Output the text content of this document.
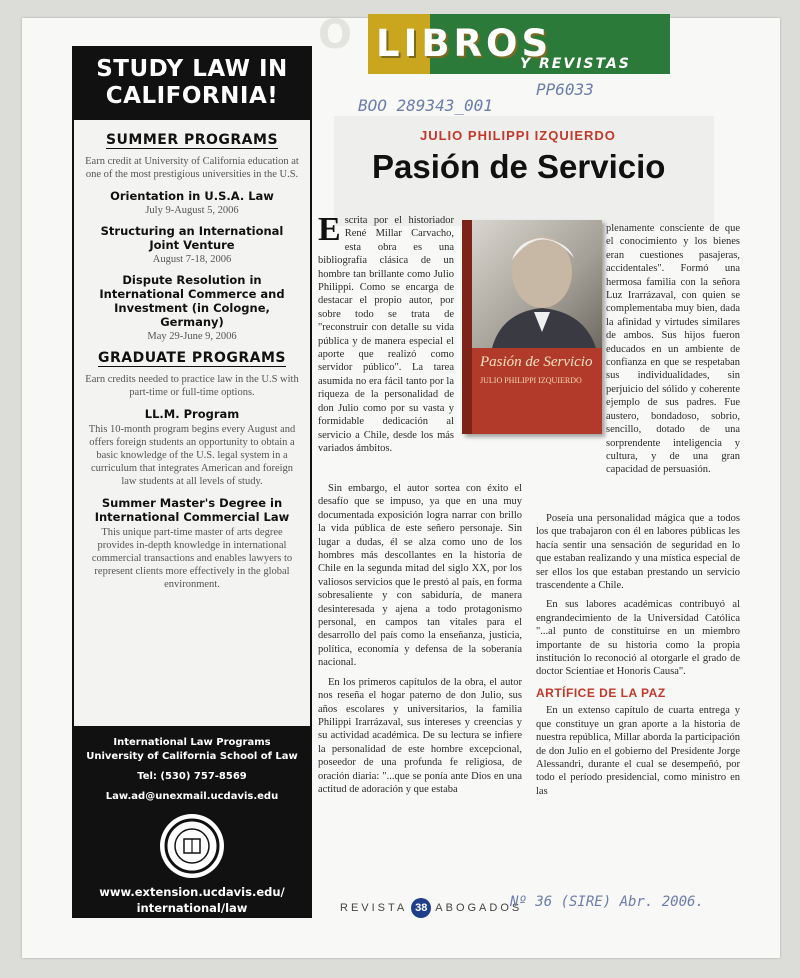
STUDY LAW IN CALIFORNIA!
SUMMER PROGRAMS
Earn credit at University of California education at one of the most prestigious universities in the U.S.
Orientation in U.S.A. Law
July 9-August 5, 2006
Structuring an International Joint Venture
August 7-18, 2006
Dispute Resolution in International Commerce and Investment (in Cologne, Germany)
May 29-June 9, 2006
GRADUATE PROGRAMS
Earn credits needed to practice law in the U.S with part-time or full-time options.
LL.M. Program
This 10-month program begins every August and offers foreign students an opportunity to obtain a basic knowledge of the U.S. legal system in a curriculum that integrates American and foreign law students at all levels of study.
Summer Master's Degree in International Commercial Law
This unique part-time master of arts degree provides in-depth knowledge in international commercial transactions and enables lawyers to represent clients more effectively in the global environment.
International Law Programs
University of California School of Law
Tel: (530) 757-8569
Law.ad@unexmail.ucdavis.edu
www.extension.ucdavis.edu/ international/law
O LIBROS
Y REVISTAS
BOO 289343_001
PP6033
JULIO PHILIPPI IZQUIERDO
Pasión de Servicio

Escrita por el historiador René Millar Carvacho, esta obra es una bibliografía clásica de un hombre tan brillante como Julio Philippi. Como se encarga de destacar el propio autor, por sobre todo se trata de "reconstruir con detalle su vida pública y de manera especial el aporte que realizó como servidor público". La tarea asumida no era fácil tanto por la riqueza de la personalidad de don Julio como por su vasta y formidable dedicación al servicio a Chile, desde los más variados ámbitos.

Sin embargo, el autor sortea con éxito el desafío que se impuso, ya que en una muy documentada exposición logra narrar con brillo la vida pública de este señero personaje. Sin lugar a dudas, él se alza como uno de los hombres más descollantes en la historia de Chile en la segunda mitad del siglo XX, por los valiosos servicios que le prestó al país, en forma sobresaliente y con sabiduría, de manera desinteresada y ajena a todo protagonismo personal, en campos tan vitales para el desarrollo del país como la enseñanza, justicia, política, economía y defensa de la soberanía nacional.

En los primeros capítulos de la obra, el autor nos reseña el hogar paterno de don Julio, sus años escolares y universitarios, la familia Philippi Irarrázaval, sus intereses y creencias y su actividad académica. De su lectura se infiere la personalidad de este hombre excepcional, poseedor de una profunda fe religiosa, de oración diaria: "...que se ponía ante Dios en una actitud de adoración y que estaba

Pasión de Servicio
JULIO PHILIPPI IZQUIERDO

plenamente consciente de que el conocimiento y los bienes eran cuestiones pasajeras, accidentales". Formó una hermosa familia con la señora Luz Irarrázaval, con quien se complementaba muy bien, dada la afinidad y virtudes similares de ambos. Sus hijos fueron educados en un ambiente de confianza en que se respetaban sus individualidades, sin perjuicio del sólido y coherente ejemplo de sus padres. Fue austero, bondadoso, sobrio, sencillo, dotado de una sorprendente inteligencia y cultura, y de una gran capacidad de persuasión.

Poseía una personalidad mágica que a todos los que trabajaron con él en labores públicas les hacía sentir una sensación de seguridad en lo que estaban realizando y una mística especial de ser ellos los que estaban prestando un servicio trascendente a Chile.

En sus labores académicas contribuyó al engrandecimiento de la Universidad Católica "...al punto de constituirse en un miembro importante de su historia como la propia institución lo reconoció al otorgarle el grado de doctor Scientiae et Honoris Causa".

ARTÍFICE DE LA PAZ

En un extenso capítulo de cuarta entrega y que constituye un gran aporte a la historia de nuestra república, Millar aborda la participación de don Julio en el gobierno del Presidente Jorge Alessandri, durante el cual se desempeñó, por todo el período presidencial, como ministro en las

REVISTA 38 ABOGADOS
Nº 36 (SIRE) Abr. 2006.
